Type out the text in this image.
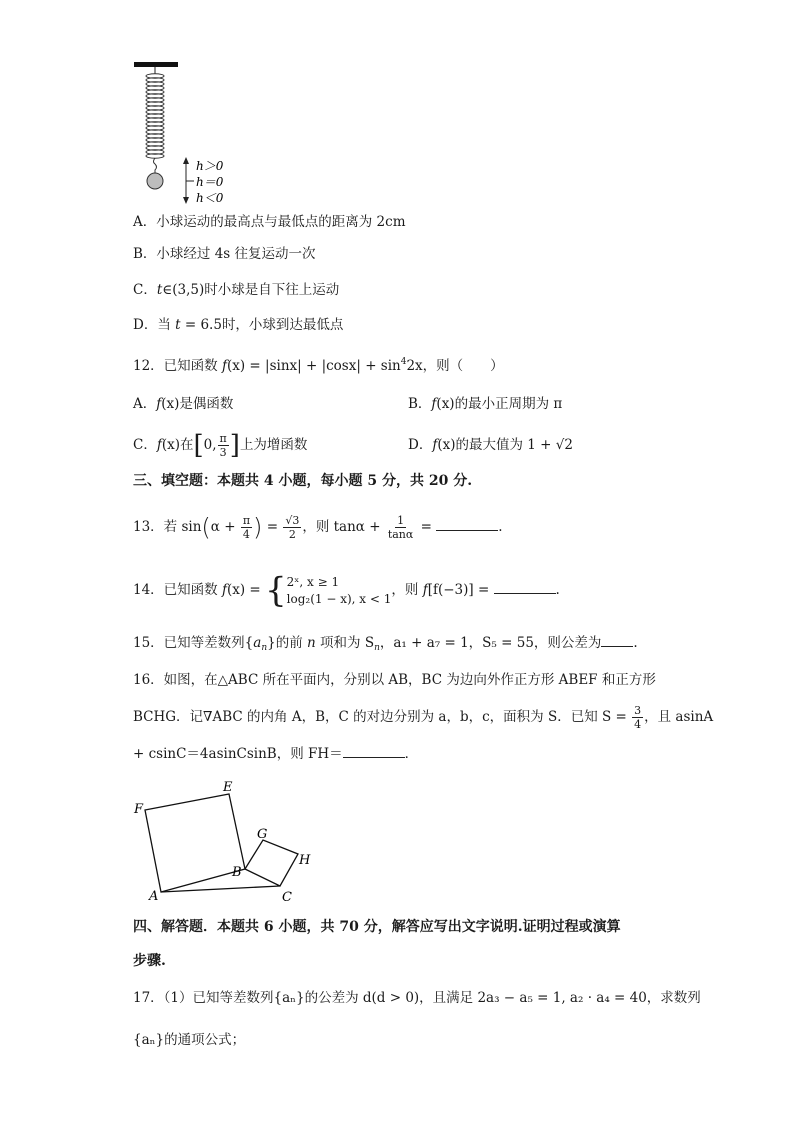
h＞0
h＝0
h＜0
A．小球运动的最高点与最低点的距离为 2cm
B．小球经过 4s 往复运动一次
C．t∈(3,5)时小球是自下往上运动
D．当 t = 6.5时，小球到达最低点
12．已知函数 $f(x) = |\sin x| + |\cos x| + \sin^42x$，则（　　）
A．f(x)是偶函数	B．f(x)的最小正周期为 π
C．f(x)在[0, $\frac{\pi}{3}$ ]上为增函数	D．f(x)的最大值为 1 + √2
三、填空题：本题共 4 小题，每小题 5 分，共 20 分.
13．若 $\sin(\alpha + \frac{\pi}{4}$ ) = $\frac{√3}{2}$ ，则 $\tan\alpha + \frac{1}{\tan\alpha}$ =	.
14．已知函数 f(x) = { 2ˣ, x ≥ 1
log₂(1 − x), x < 1
，则 f[f(−3)] =	.
15．已知等差数列$\{a_n\}$的前 n 项和为 $S_n$，a₁ + a₇ = 1，S₅ = 55，则公差为 .
16．如图，在△ABC 所在平面内，分别以 AB，BC 为边向外作正方形 ABEF 和正方形
BCHG．记∇ABC 的内角 A，B，C 的对边分别为 a，b，c，面积为 S．已知 $S = \frac{3}{4}$ ，且 asinA
+ csinC＝4asinCsinB，则 FH＝	．
A
B
C
E
F
G
H
四、解答题．本题共 6 小题，共 70 分，解答应写出文字说明.证明过程或演算
步骤.
17．（1）已知等差数列{aₙ}的公差为 d(d > 0)，且满足 2a₃ − a₅ = 1, a₂ · a₄ = 40，求数列
{aₙ}的通项公式；
